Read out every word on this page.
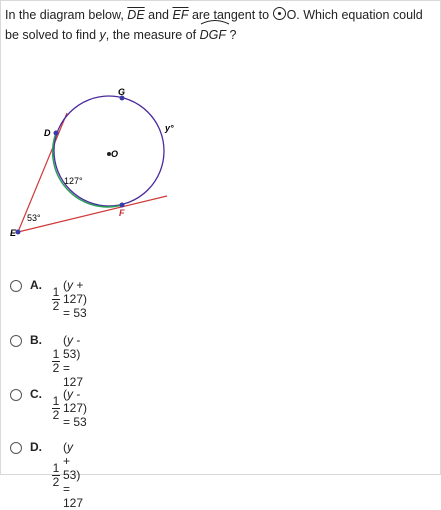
In the diagram below, $\overline{DE}$ and $\overline{EF}$ are tangent to O. Which equation could be solved to find y, the measure of
DGF ?
G
D
O
F
E
y°
127°
53°
A.
$\frac{1}{2}$
(y + 127) = 53
B.
$\frac{1}{2}$
(y - 53) = 127
C.
$\frac{1}{2}$
(y - 127) = 53
D.
$\frac{1}{2}$
(y + 53) = 127
